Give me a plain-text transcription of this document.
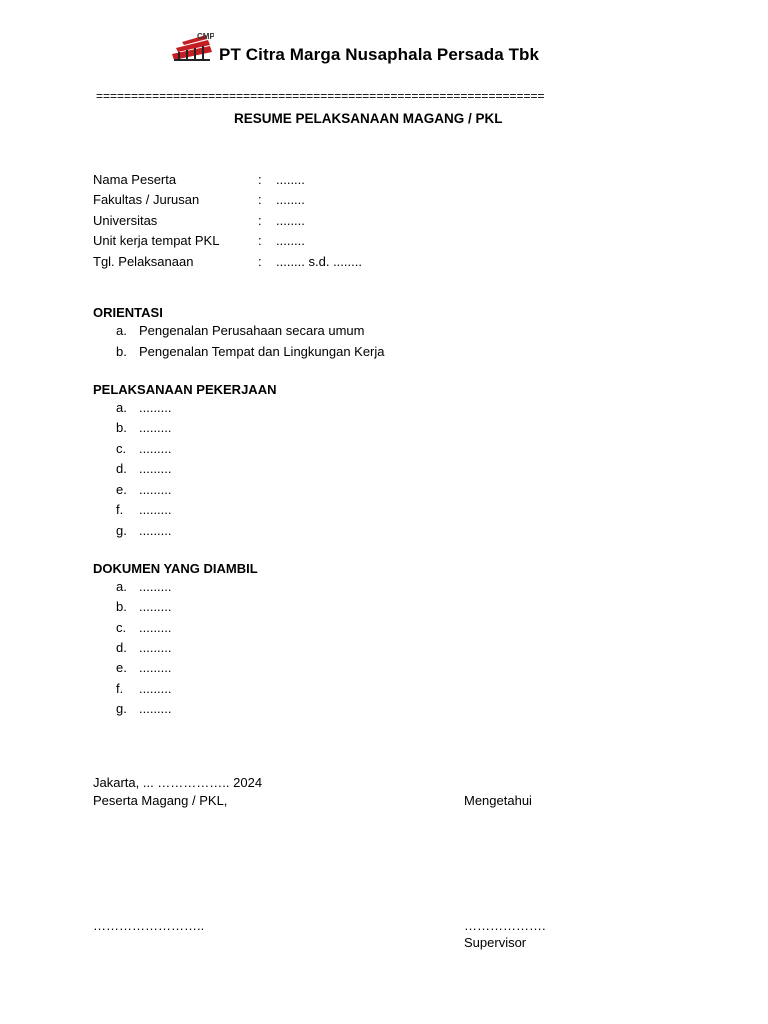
CMP
PT Citra Marga Nusaphala Persada Tbk
================================================================
RESUME PELAKSANAAN MAGANG / PKL
Nama Peserta	: ........
Fakultas / Jurusan	: ........
Universitas	: ........
Unit kerja tempat PKL	: ........
Tgl. Pelaksanaan	: ........ s.d. ........
ORIENTASI
a. Pengenalan Perusahaan secara umum
b. Pengenalan Tempat dan Lingkungan Kerja
PELAKSANAAN PEKERJAAN
a. .........
b. .........
c. .........
d. .........
e. .........
f. .........
g. .........
DOKUMEN YANG DIAMBIL
a. .........
b. .........
c. .........
d. .........
e. .........
f. .........
g. .........
Jakarta, ... …………….. 2024
Peserta Magang / PKL,	Mengetahui
……………………..	……………….
Supervisor
